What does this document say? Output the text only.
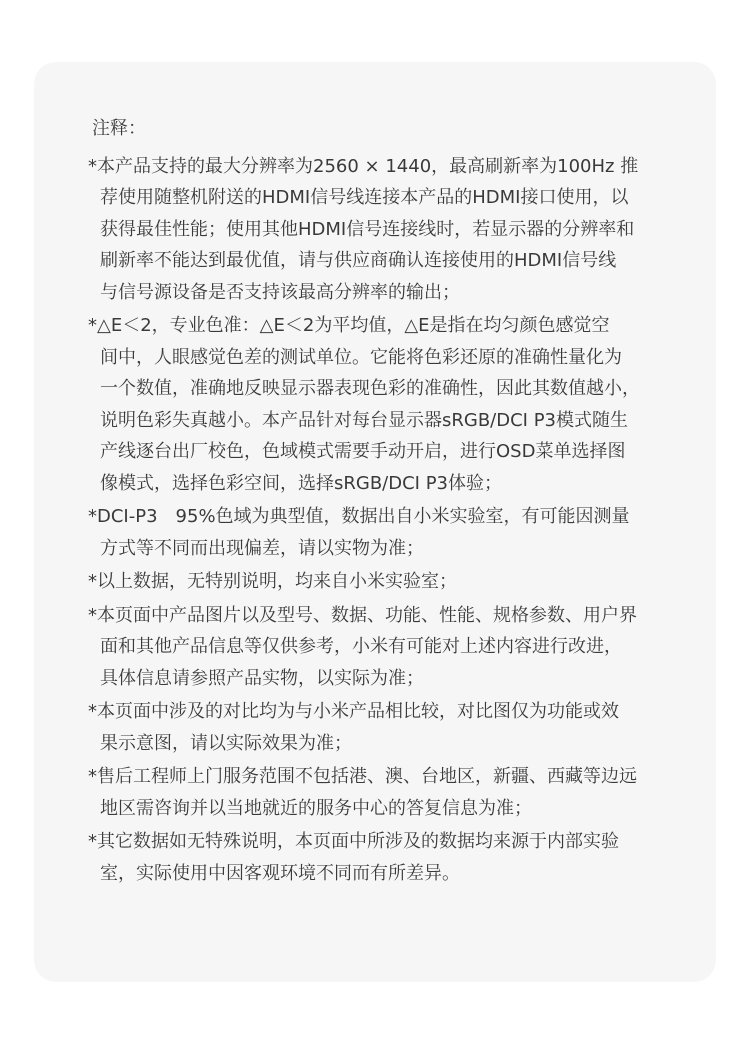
注释：
*本产品支持的最大分辨率为2560 × 1440，最高刷新率为100Hz 推
荐使用随整机附送的HDMI信号线连接本产品的HDMI接口使用，以
获得最佳性能；使用其他HDMI信号连接线时，若显示器的分辨率和
刷新率不能达到最优值，请与供应商确认连接使用的HDMI信号线
与信号源设备是否支持该最高分辨率的输出；
*△E＜2，专业色准：△E＜2为平均值，△E是指在均匀颜色感觉空
间中，人眼感觉色差的测试单位。它能将色彩还原的准确性量化为
一个数值，准确地反映显示器表现色彩的准确性，因此其数值越小，
说明色彩失真越小。本产品针对每台显示器sRGB/DCI P3模式随生
产线逐台出厂校色，色域模式需要手动开启，进行OSD菜单选择图
像模式，选择色彩空间，选择sRGB/DCI P3体验；
*DCI-P3　95%色域为典型值，数据出自小米实验室，有可能因测量
方式等不同而出现偏差，请以实物为准；
*以上数据，无特别说明，均来自小米实验室；
*本页面中产品图片以及型号、数据、功能、性能、规格参数、用户界
面和其他产品信息等仅供参考，小米有可能对上述内容进行改进，
具体信息请参照产品实物，以实际为准；
*本页面中涉及的对比均为与小米产品相比较，对比图仅为功能或效
果示意图，请以实际效果为准；
*售后工程师上门服务范围不包括港、澳、台地区，新疆、西藏等边远
地区需咨询并以当地就近的服务中心的答复信息为准；
*其它数据如无特殊说明，本页面中所涉及的数据均来源于内部实验
室，实际使用中因客观环境不同而有所差异。
